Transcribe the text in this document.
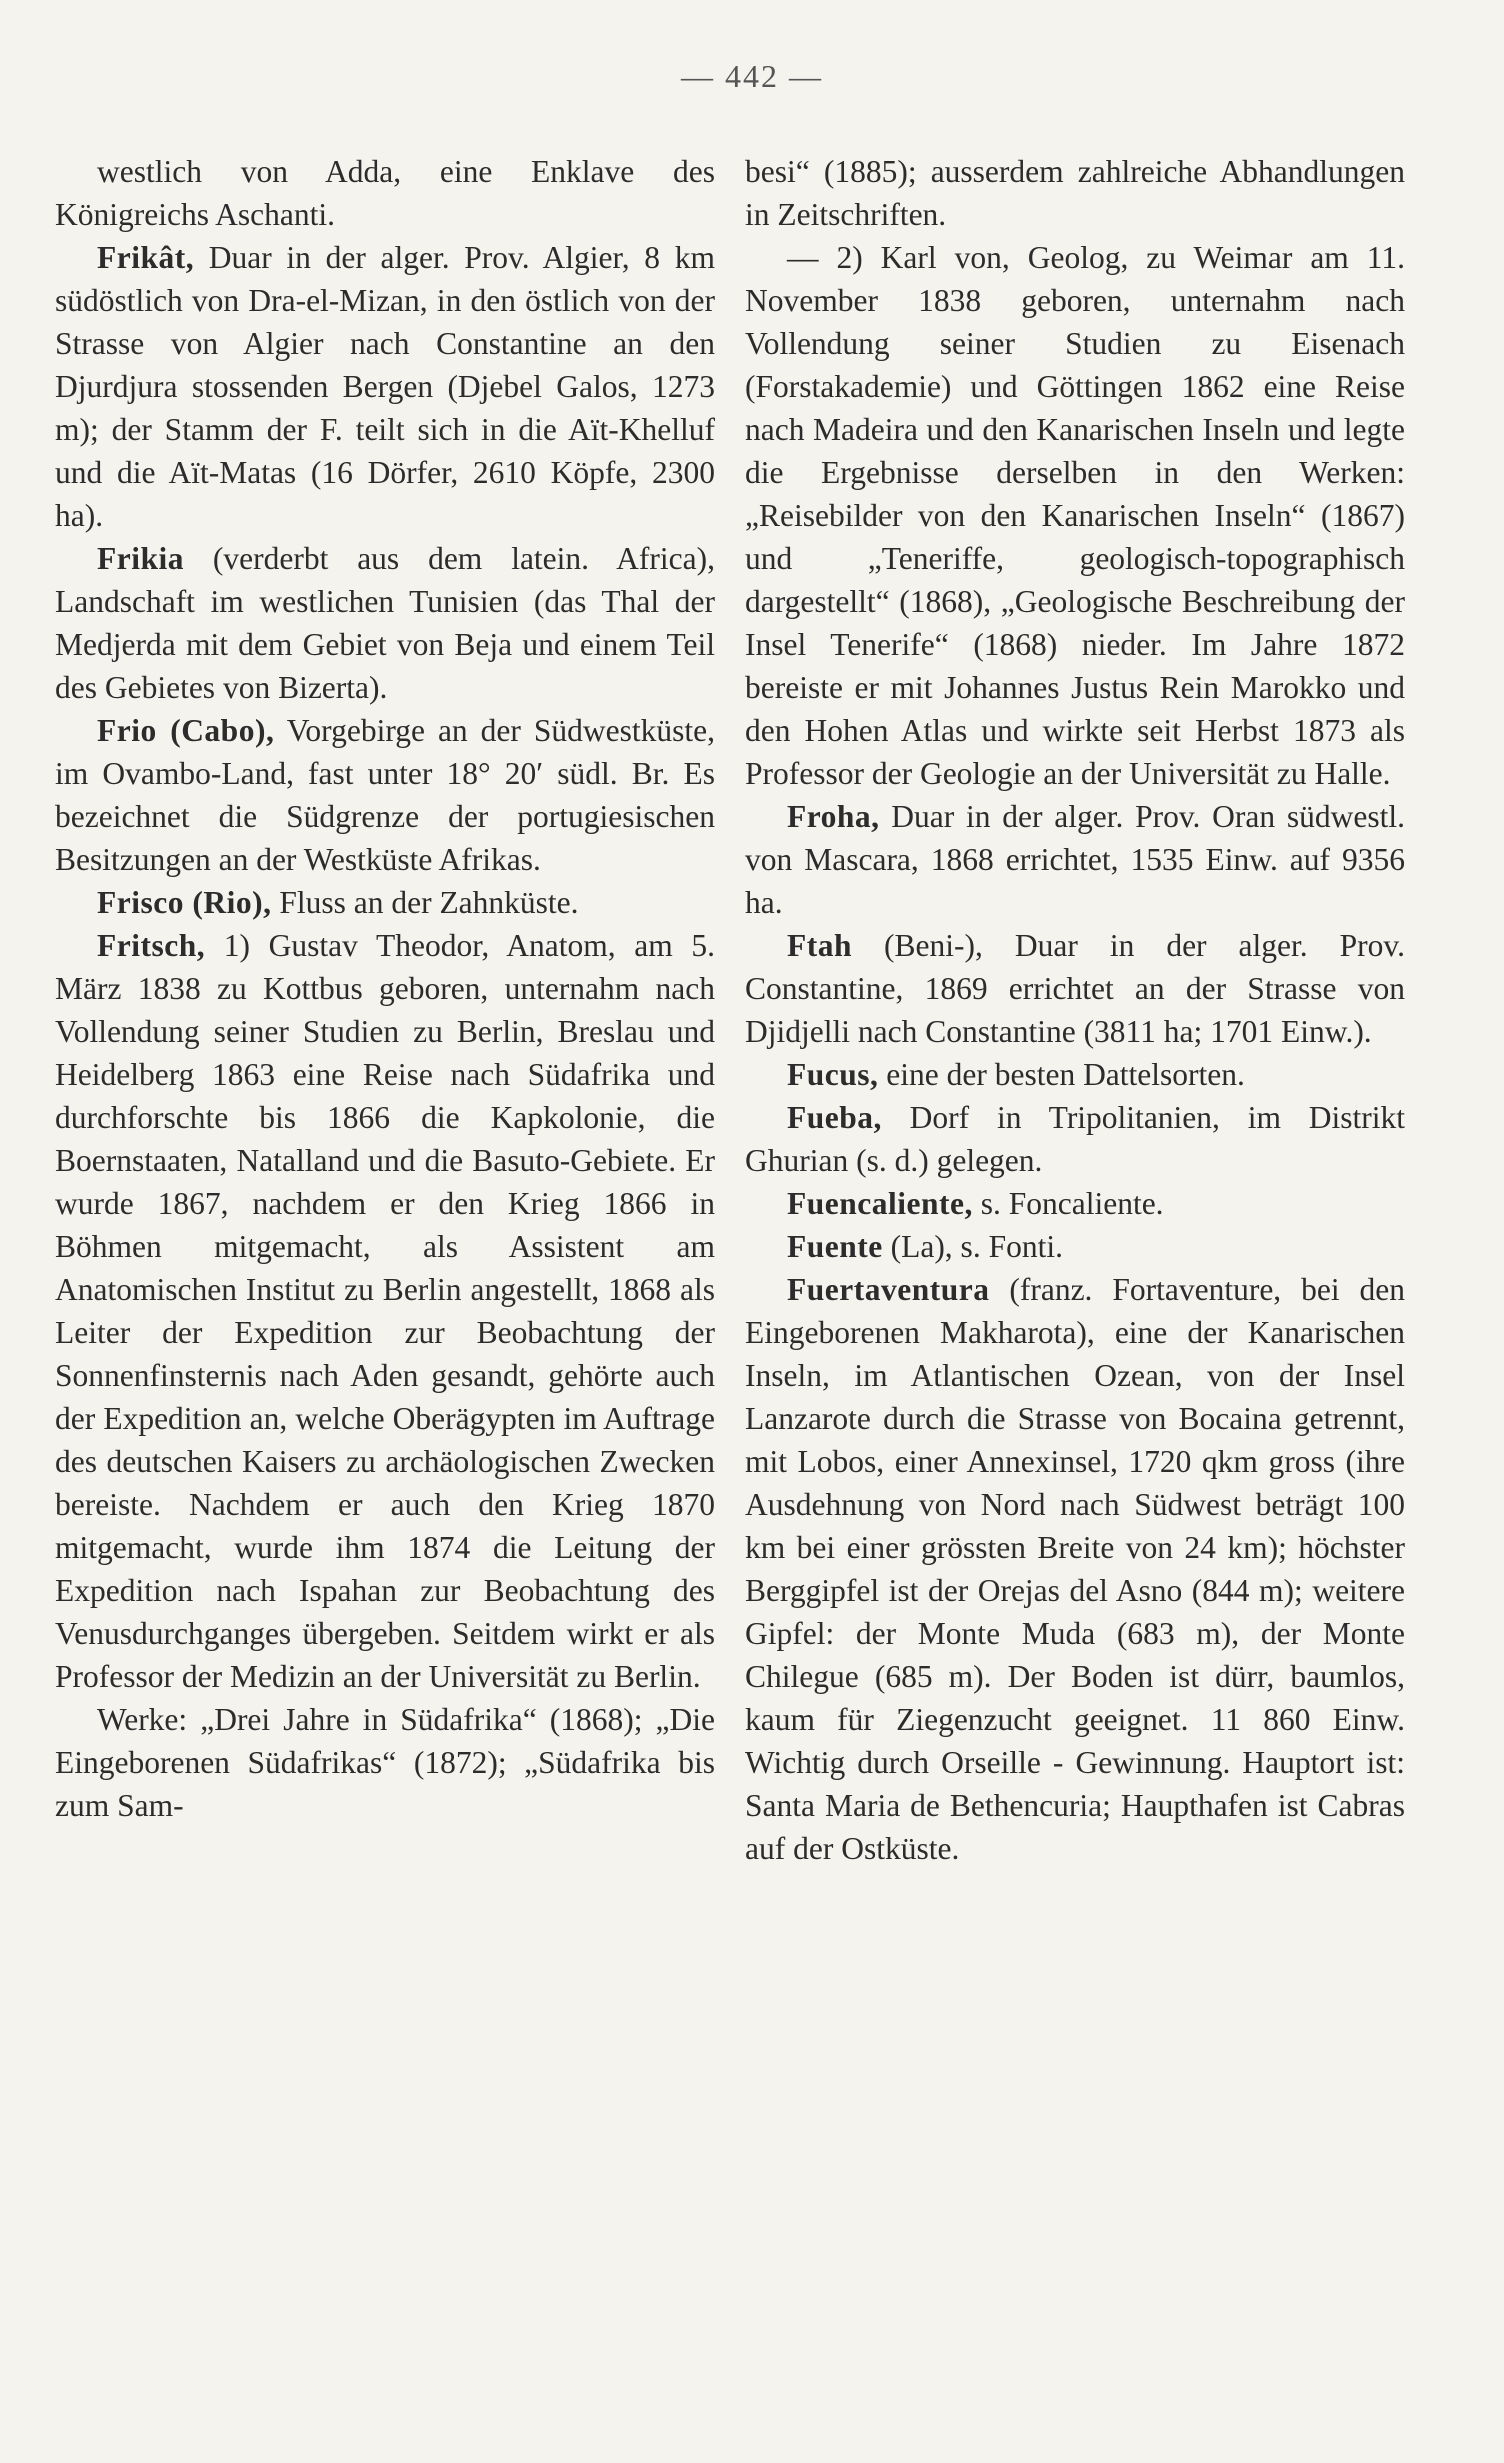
— 442 —

westlich von Adda, eine Enklave des Königreichs Aschanti.

Frikât, Duar in der alger. Prov. Algier, 8 km südöstlich von Dra-el-Mizan, in den östlich von der Strasse von Algier nach Constantine an den Djurdjura stossenden Bergen (Djebel Galos, 1273 m); der Stamm der F. teilt sich in die Aït-Khelluf und die Aït-Matas (16 Dörfer, 2610 Köpfe, 2300 ha).

Frikia (verderbt aus dem latein. Africa), Landschaft im westlichen Tunisien (das Thal der Medjerda mit dem Gebiet von Beja und einem Teil des Gebietes von Bizerta).

Frio (Cabo), Vorgebirge an der Südwestküste, im Ovambo-Land, fast unter 18° 20′ südl. Br. Es bezeichnet die Südgrenze der portugiesischen Besitzungen an der Westküste Afrikas.

Frisco (Rio), Fluss an der Zahnküste.

Fritsch, 1) Gustav Theodor, Anatom, am 5. März 1838 zu Kottbus geboren, unternahm nach Vollendung seiner Studien zu Berlin, Breslau und Heidelberg 1863 eine Reise nach Südafrika und durchforschte bis 1866 die Kapkolonie, die Boernstaaten, Natalland und die Basuto-Gebiete. Er wurde 1867, nachdem er den Krieg 1866 in Böhmen mitgemacht, als Assistent am Anatomischen Institut zu Berlin angestellt, 1868 als Leiter der Expedition zur Beobachtung der Sonnenfinsternis nach Aden gesandt, gehörte auch der Expedition an, welche Oberägypten im Auftrage des deutschen Kaisers zu archäologischen Zwecken bereiste. Nachdem er auch den Krieg 1870 mitgemacht, wurde ihm 1874 die Leitung der Expedition nach Ispahan zur Beobachtung des Venusdurchganges übergeben. Seitdem wirkt er als Professor der Medizin an der Universität zu Berlin.

Werke: „Drei Jahre in Südafrika“ (1868); „Die Eingeborenen Südafrikas“ (1872); „Südafrika bis zum Sam-

besi“ (1885); ausserdem zahlreiche Abhandlungen in Zeitschriften.

— 2) Karl von, Geolog, zu Weimar am 11. November 1838 geboren, unternahm nach Vollendung seiner Studien zu Eisenach (Forstakademie) und Göttingen 1862 eine Reise nach Madeira und den Kanarischen Inseln und legte die Ergebnisse derselben in den Werken: „Reisebilder von den Kanarischen Inseln“ (1867) und „Teneriffe, geologisch-topographisch dargestellt“ (1868), „Geologische Beschreibung der Insel Tenerife“ (1868) nieder. Im Jahre 1872 bereiste er mit Johannes Justus Rein Marokko und den Hohen Atlas und wirkte seit Herbst 1873 als Professor der Geologie an der Universität zu Halle.

Froha, Duar in der alger. Prov. Oran südwestl. von Mascara, 1868 errichtet, 1535 Einw. auf 9356 ha.

Ftah (Beni-), Duar in der alger. Prov. Constantine, 1869 errichtet an der Strasse von Djidjelli nach Constantine (3811 ha; 1701 Einw.).

Fucus, eine der besten Dattelsorten.

Fueba, Dorf in Tripolitanien, im Distrikt Ghurian (s. d.) gelegen.

Fuencaliente, s. Foncaliente.

Fuente (La), s. Fonti.

Fuertaventura (franz. Fortaventure, bei den Eingeborenen Makharota), eine der Kanarischen Inseln, im Atlantischen Ozean, von der Insel Lanzarote durch die Strasse von Bocaina getrennt, mit Lobos, einer Annexinsel, 1720 qkm gross (ihre Ausdehnung von Nord nach Südwest beträgt 100 km bei einer grössten Breite von 24 km); höchster Berggipfel ist der Orejas del Asno (844 m); weitere Gipfel: der Monte Muda (683 m), der Monte Chilegue (685 m). Der Boden ist dürr, baumlos, kaum für Ziegenzucht geeignet. 11 860 Einw. Wichtig durch Orseille - Gewinnung. Hauptort ist: Santa Maria de Bethencuria; Haupthafen ist Cabras auf der Ostküste.
